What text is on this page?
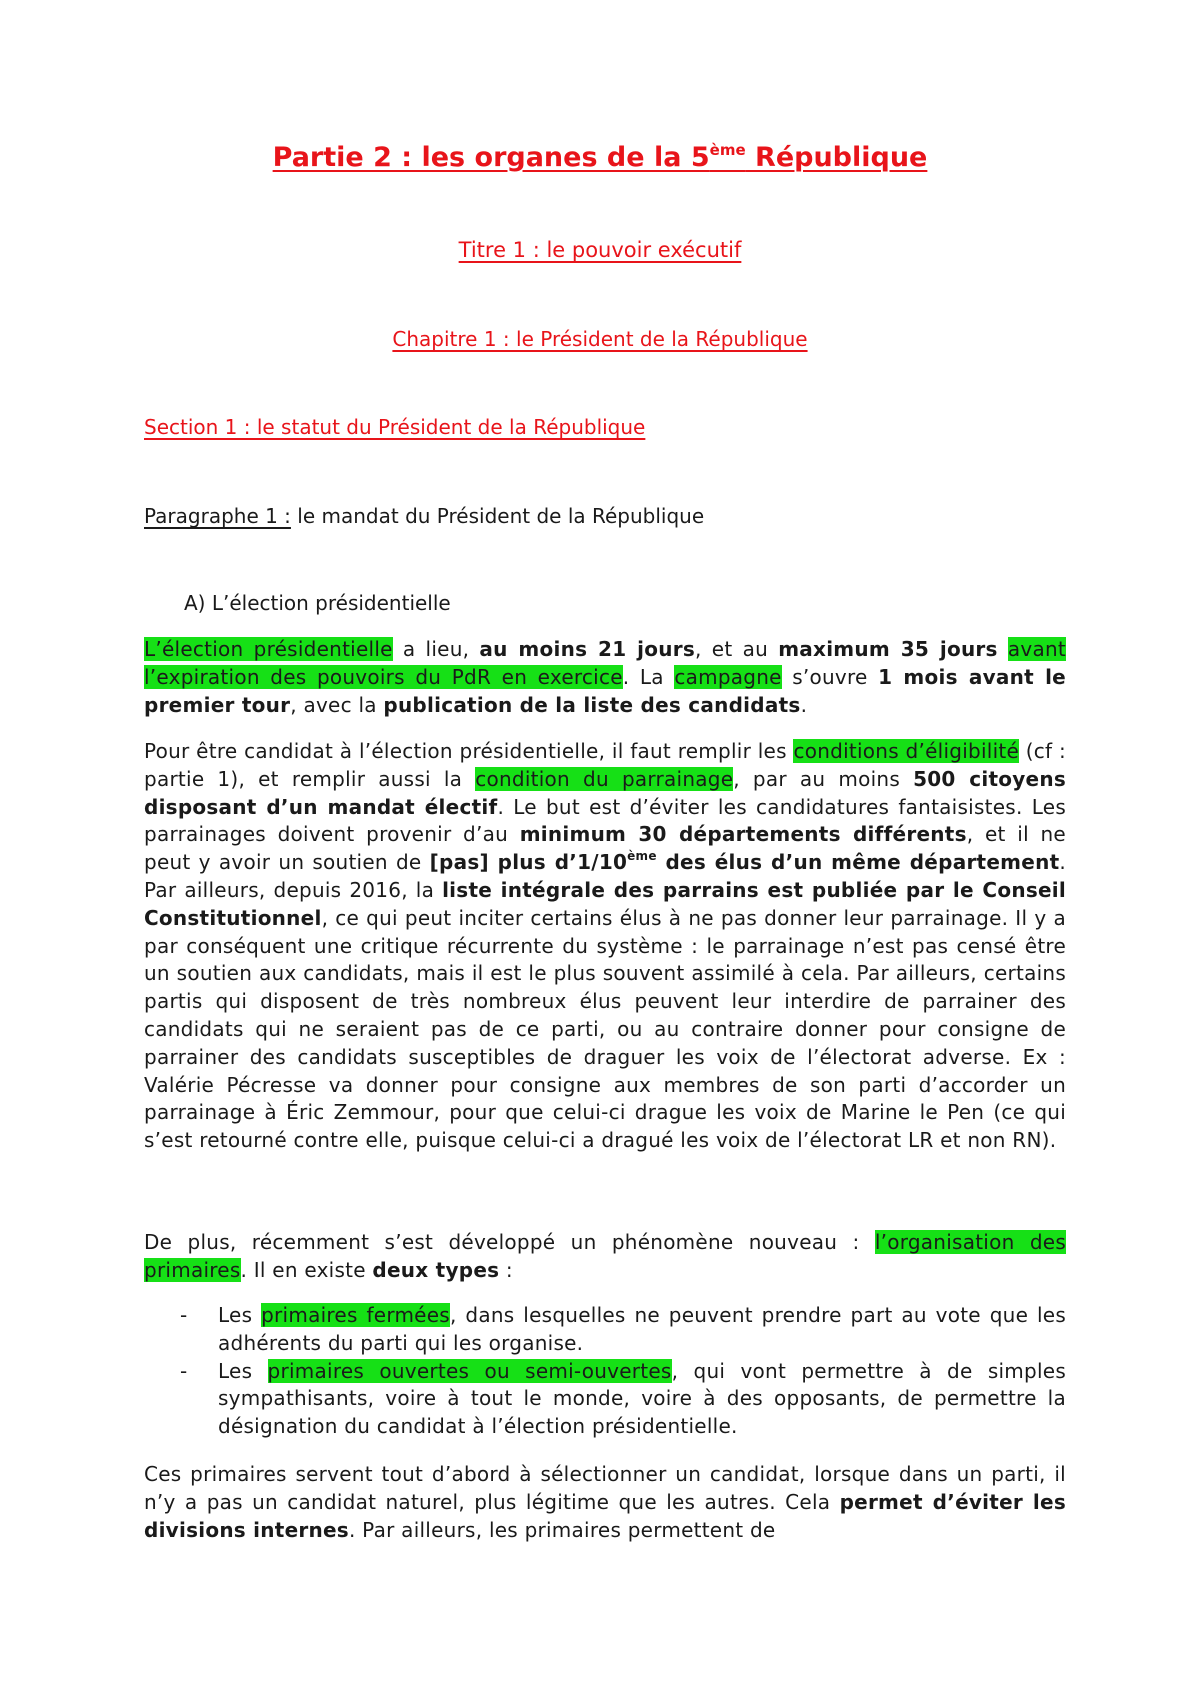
Partie 2 : les organes de la 5ème République
Titre 1 : le pouvoir exécutif
Chapitre 1 : le Président de la République
Section 1 : le statut du Président de la République
Paragraphe 1 : le mandat du Président de la République
A) L’élection présidentielle
L’élection présidentielle a lieu, au moins 21 jours, et au maximum 35 jours avant l’expiration des pouvoirs du PdR en exercice. La campagne s’ouvre 1 mois avant le premier tour, avec la publication de la liste des candidats.
Pour être candidat à l’élection présidentielle, il faut remplir les conditions d’éligibilité (cf : partie 1), et remplir aussi la condition du parrainage, par au moins 500 citoyens disposant d’un mandat électif. Le but est d’éviter les candidatures fantaisistes. Les parrainages doivent provenir d’au minimum 30 départements différents, et il ne peut y avoir un soutien de [pas] plus d’1/10ème des élus d’un même département. Par ailleurs, depuis 2016, la liste intégrale des parrains est publiée par le Conseil Constitutionnel, ce qui peut inciter certains élus à ne pas donner leur parrainage. Il y a par conséquent une critique récurrente du système : le parrainage n’est pas censé être un soutien aux candidats, mais il est le plus souvent assimilé à cela. Par ailleurs, certains partis qui disposent de très nombreux élus peuvent leur interdire de parrainer des candidats qui ne seraient pas de ce parti, ou au contraire donner pour consigne de parrainer des candidats susceptibles de draguer les voix de l’électorat adverse. Ex : Valérie Pécresse va donner pour consigne aux membres de son parti d’accorder un parrainage à Éric Zemmour, pour que celui-ci drague les voix de Marine le Pen (ce qui s’est retourné contre elle, puisque celui-ci a dragué les voix de l’électorat LR et non RN).
De plus, récemment s’est développé un phénomène nouveau : l’organisation des primaires. Il en existe deux types :
- Les primaires fermées, dans lesquelles ne peuvent prendre part au vote que les adhérents du parti qui les organise.
- Les primaires ouvertes ou semi-ouvertes, qui vont permettre à de simples sympathisants, voire à tout le monde, voire à des opposants, de permettre la désignation du candidat à l’élection présidentielle.
Ces primaires servent tout d’abord à sélectionner un candidat, lorsque dans un parti, il n’y a pas un candidat naturel, plus légitime que les autres. Cela permet d’éviter les divisions internes. Par ailleurs, les primaires permettent de
